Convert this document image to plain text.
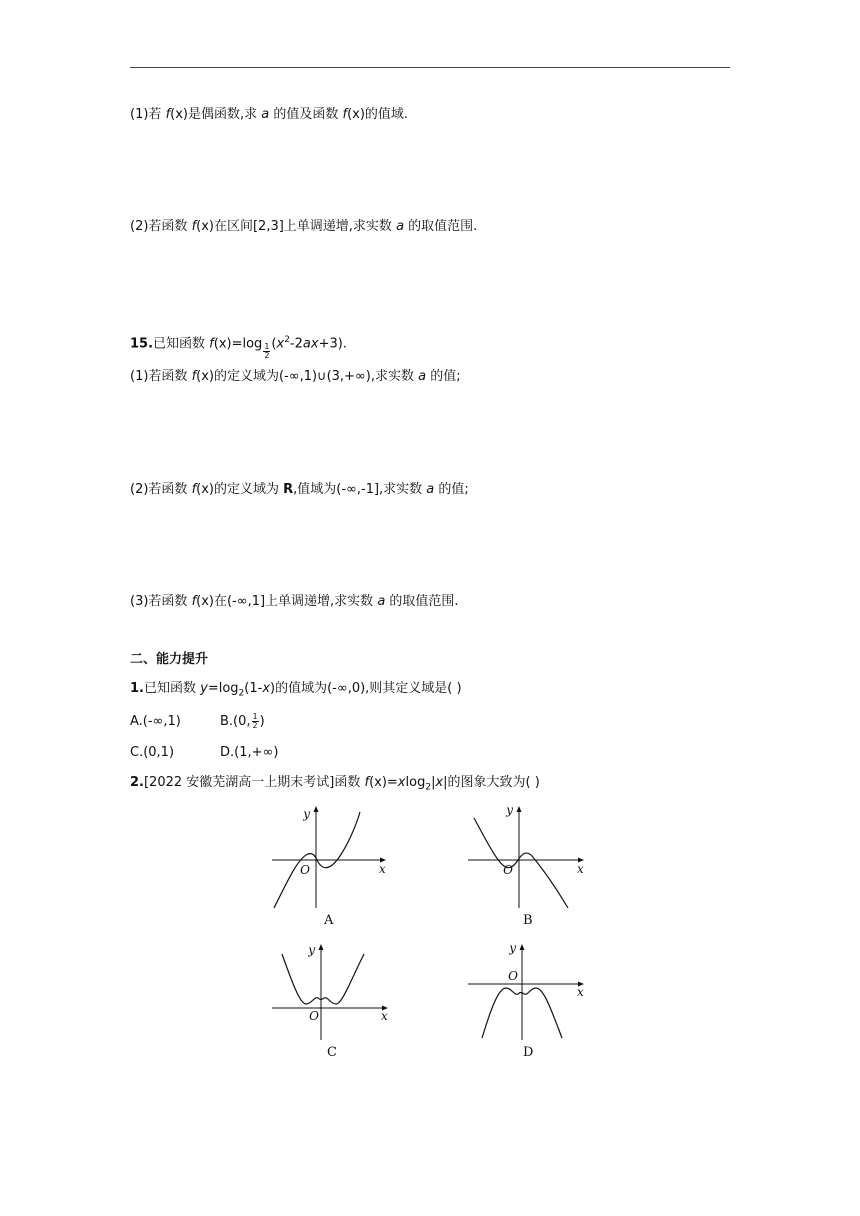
(1)若 f(x)是偶函数,求 a 的值及函数 f(x)的值域.
(2)若函数 f(x)在区间[2,3]上单调递增,求实数 a 的取值范围.
15.已知函数 $f(x)=\log \frac{1}{2} (x^2-2ax+3)$.
(1)若函数 f(x)的定义域为(-∞,1)∪(3,+∞),求实数 a 的值;
(2)若函数 f(x)的定义域为 R,值域为(-∞,-1],求实数 a 的值;
(3)若函数 f(x)在(-∞,1]上单调递增,求实数 a 的取值范围.
二、能力提升
1.已知函数 $y=\log_2(1-x)$的值域为(-∞,0),则其定义域是( )
A.(-∞,1)	B.(0, $\frac{1}{2}$ )
C.(0,1)	D.(1,+∞)
2.[2022 安徽芜湖高一上期末考试]函数 f(x)=xlog$_2$|x|的图象大致为( )
y
x
O
A
y
x
O
B
y
x
O
C
y
x
O
D
